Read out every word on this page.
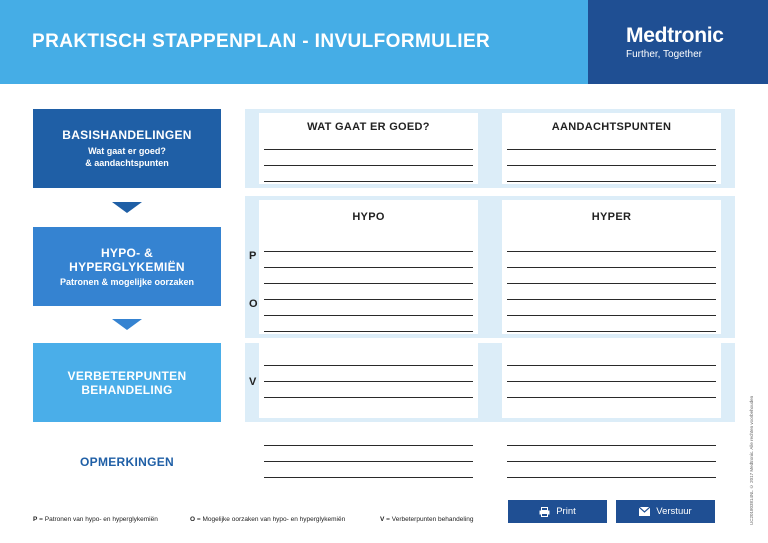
PRAKTISCH STAPPENPLAN - INVULFORMULIER	Medtronic
Further, Together
BASISHANDELINGEN
Wat gaat er goed?
& aandachtspunten
HYPO- &
HYPERGLYKEMIËN
Patronen & mogelijke oorzaken
VERBETERPUNTEN
BEHANDELING
OPMERKINGEN
WAT GAAT ER GOED?	AANDACHTSPUNTEN
HYPO	HYPER
P
O
V
P = Patronen van hypo- en hyperglykemiën	O = Mogelijke oorzaken van hypo- en hyperglykemiën	V = Verbeterpunten behandeling
Print	Verstuur	UC201803814NL © 2017 Medtronic. Alle rechten voorbehouden
